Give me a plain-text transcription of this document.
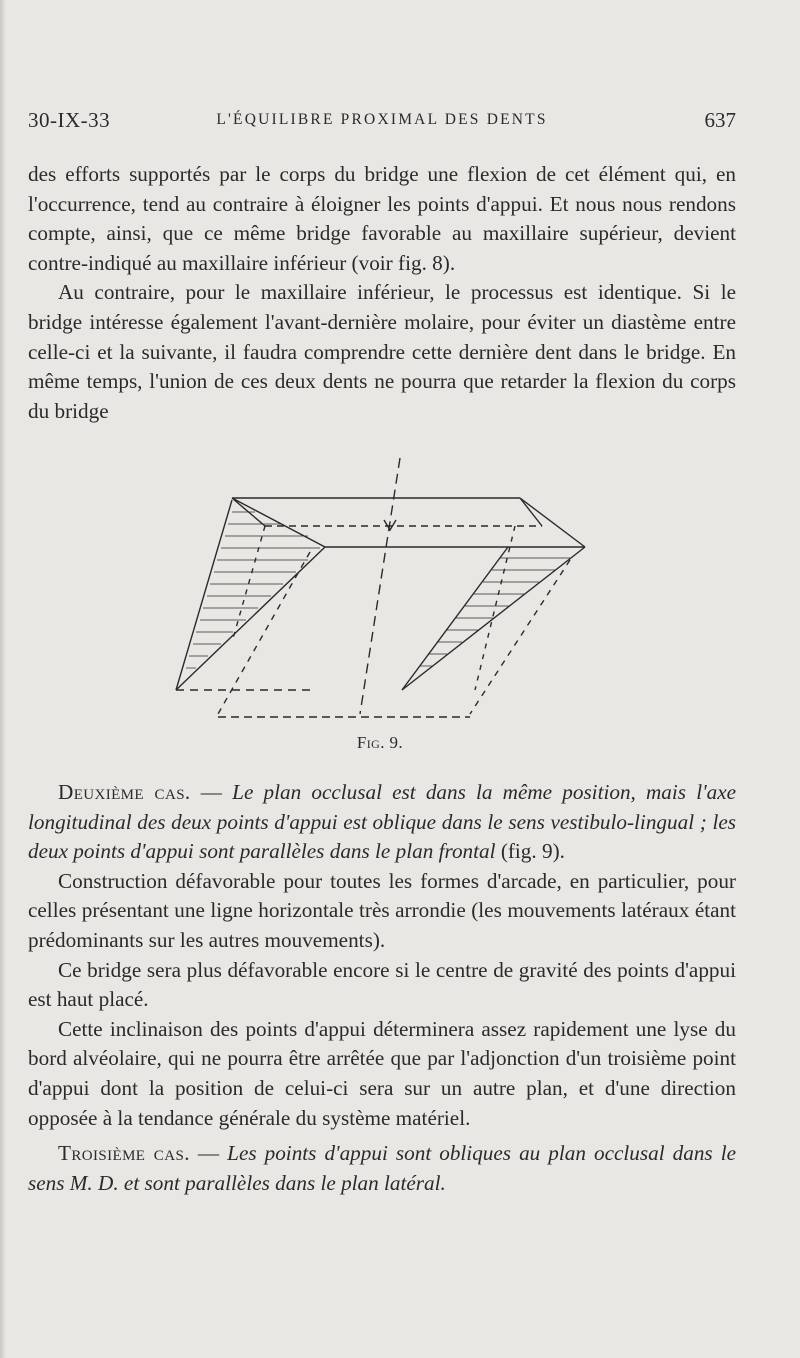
30-IX-33	L'ÉQUILIBRE PROXIMAL DES DENTS	637

des efforts supportés par le corps du bridge une flexion de cet élément qui, en l'occurrence, tend au contraire à éloigner les points d'appui. Et nous nous rendons compte, ainsi, que ce même bridge favorable au maxillaire supérieur, devient contre-indiqué au maxillaire inférieur (voir fig. 8).

Au contraire, pour le maxillaire inférieur, le processus est identique. Si le bridge intéresse également l'avant-dernière molaire, pour éviter un diastème entre celle-ci et la suivante, il faudra comprendre cette dernière dent dans le bridge. En même temps, l'union de ces deux dents ne pourra que retarder la flexion du corps du bridge

Fig. 9.

Deuxième cas. — Le plan occlusal est dans la même position, mais l'axe longitudinal des deux points d'appui est oblique dans le sens vestibulo-lingual ; les deux points d'appui sont parallèles dans le plan frontal (fig. 9).

Construction défavorable pour toutes les formes d'arcade, en particulier, pour celles présentant une ligne horizontale très arrondie (les mouvements latéraux étant prédominants sur les autres mouvements).

Ce bridge sera plus défavorable encore si le centre de gravité des points d'appui est haut placé.

Cette inclinaison des points d'appui déterminera assez rapidement une lyse du bord alvéolaire, qui ne pourra être arrêtée que par l'adjonction d'un troisième point d'appui dont la position de celui-ci sera sur un autre plan, et d'une direction opposée à la tendance générale du système matériel.

Troisième cas. — Les points d'appui sont obliques au plan occlusal dans le sens M. D. et sont parallèles dans le plan latéral.
